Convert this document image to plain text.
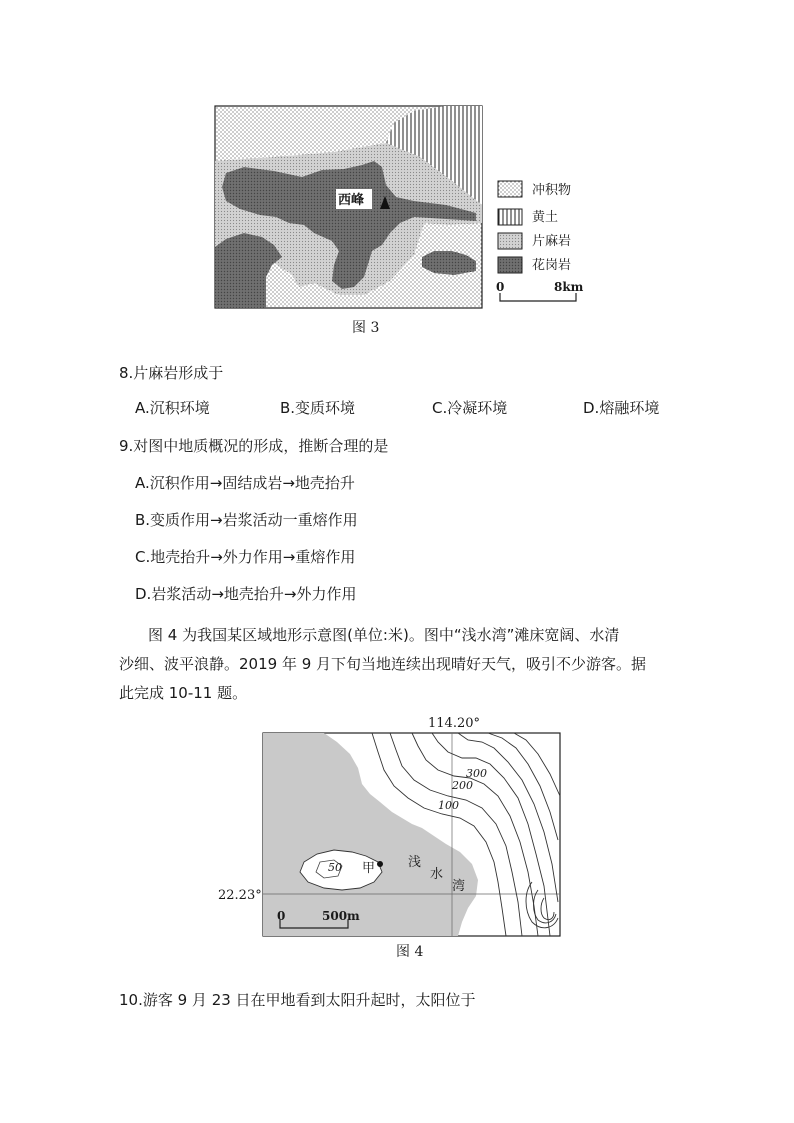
西峰
冲积物
黄土
片麻岩
花岗岩
0	8km
图 3
8.片麻岩形成于
A.沉积环境	B.变质环境	C.冷凝环境	D.熔融环境
9.对图中地质概况的形成，推断合理的是
A.沉积作用→固结成岩→地壳抬升
B.变质作用→岩浆活动一重熔作用
C.地壳抬升→外力作用→重熔作用
D.岩浆活动→地壳抬升→外力作用
图 4 为我国某区域地形示意图(单位:米)。图中“浅水湾”滩床宽阔、水清
沙细、波平浪静。2019 年 9 月下旬当地连续出现晴好天气，吸引不少游客。据
此完成 10-11 题。
114.20°
300
200
100
50 甲	浅
水
湾
0	500m
22.23°
图 4
10.游客 9 月 23 日在甲地看到太阳升起时，太阳位于
